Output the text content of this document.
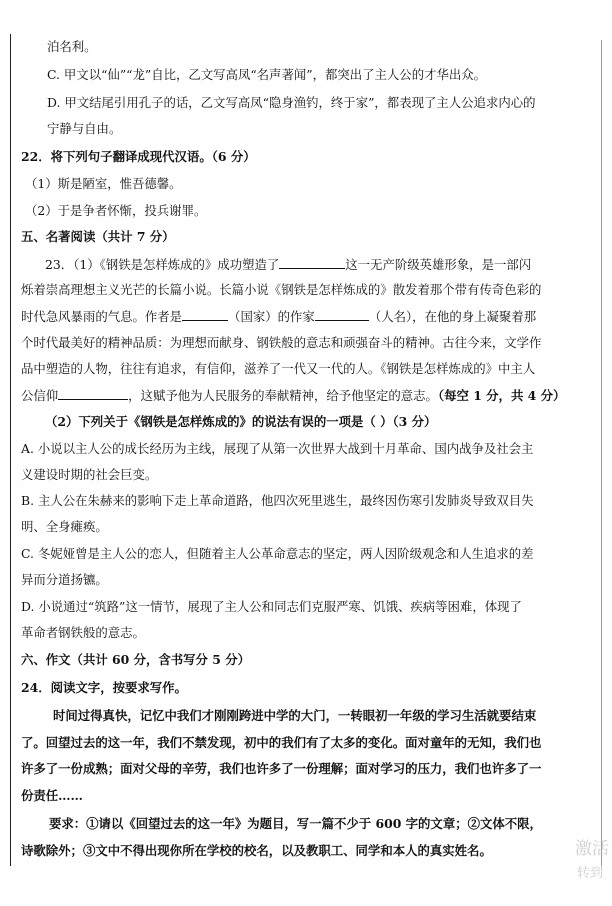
泊名利。
C. 甲文以“仙”“龙”自比，乙文写高凤“名声著闻”，都突出了主人公的才华出众。
D. 甲文结尾引用孔子的话，乙文写高凤“隐身渔钓，终于家”，都表现了主人公追求内心的
宁静与自由。
22．将下列句子翻译成现代汉语。（6 分）
（1）斯是陋室，惟吾德馨。
（2）于是争者怀惭，投兵谢罪。
五、名著阅读（共计 7 分）
23．（1）《钢铁是怎样炼成的》成功塑造了	这一无产阶级英雄形象，是一部闪
烁着崇高理想主义光芒的长篇小说。长篇小说《钢铁是怎样炼成的》散发着那个带有传奇色彩的
时代急风暴雨的气息。作者是	（国家）的作家	（人名），在他的身上凝聚着那
个时代最美好的精神品质：为理想而献身、钢铁般的意志和顽强奋斗的精神。古往今来，文学作
品中塑造的人物，往往有追求，有信仰，滋养了一代又一代的人。《钢铁是怎样炼成的》中主人
公信仰	，这赋予他为人民服务的奉献精神，给予他坚定的意志。（每空 1 分，共 4 分）
（2）下列关于《钢铁是怎样炼成的》的说法有误的一项是（ ）（3 分）
A. 小说以主人公的成长经历为主线，展现了从第一次世界大战到十月革命、国内战争及社会主
义建设时期的社会巨变。
B. 主人公在朱赫来的影响下走上革命道路，他四次死里逃生，最终因伤寒引发肺炎导致双目失
明、全身瘫痪。
C. 冬妮娅曾是主人公的恋人，但随着主人公革命意志的坚定，两人因阶级观念和人生追求的差
异而分道扬镳。
D. 小说通过“筑路”这一情节，展现了主人公和同志们克服严寒、饥饿、疾病等困难，体现了
革命者钢铁般的意志。
六、作文（共计 60 分，含书写分 5 分）
24．阅读文字，按要求写作。
时间过得真快，记忆中我们才刚刚跨进中学的大门，一转眼初一年级的学习生活就要结束
了。回望过去的这一年，我们不禁发现，初中的我们有了太多的变化。面对童年的无知，我们也
许多了一份成熟；面对父母的辛劳，我们也许多了一份理解；面对学习的压力，我们也许多了一
份责任……
要求：①请以《回望过去的这一年》为题目，写一篇不少于 600 字的文章；②文体不限，
诗歌除外；③文中不得出现你所在学校的校名，以及教职工、同学和本人的真实姓名。	激活
转到
